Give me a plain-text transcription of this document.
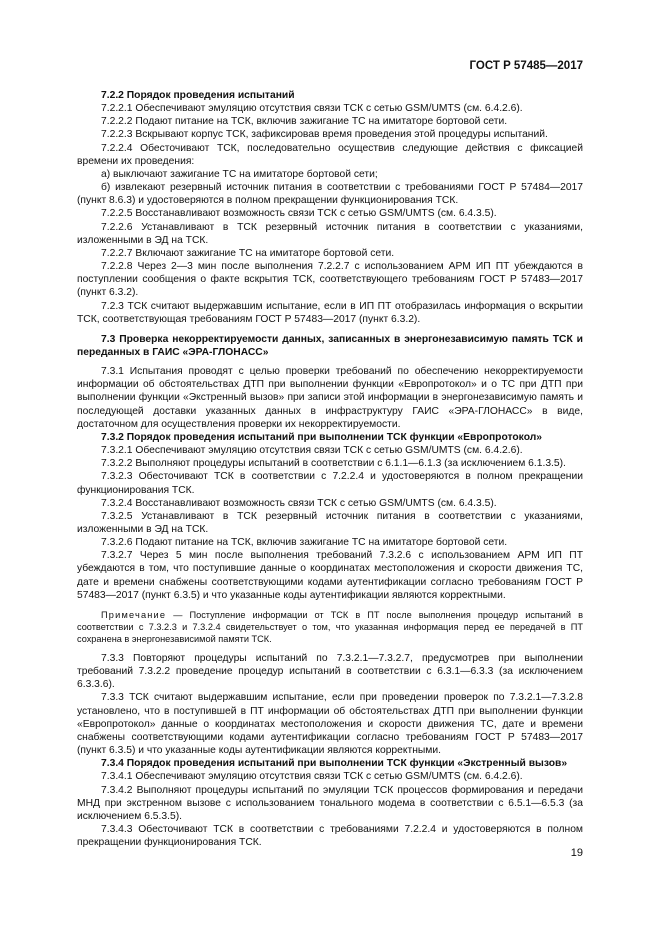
ГОСТ Р 57485—2017

7.2.2 Порядок проведения испытаний

7.2.2.1 Обеспечивают эмуляцию отсутствия связи ТСК с сетью GSM/UMTS (см. 6.4.2.6).

7.2.2.2 Подают питание на ТСК, включив зажигание ТС на имитаторе бортовой сети.

7.2.2.3 Вскрывают корпус ТСК, зафиксировав время проведения этой процедуры испытаний.

7.2.2.4 Обесточивают ТСК, последовательно осуществив следующие действия с фиксацией времени их проведения:

а) выключают зажигание ТС на имитаторе бортовой сети;

б) извлекают резервный источник питания в соответствии с требованиями ГОСТ Р 57484—2017 (пункт 8.6.3) и удостоверяются в полном прекращении функционирования ТСК.

7.2.2.5 Восстанавливают возможность связи ТСК с сетью GSM/UMTS (см. 6.4.3.5).

7.2.2.6 Устанавливают в ТСК резервный источник питания в соответствии с указаниями, изложенными в ЭД на ТСК.

7.2.2.7 Включают зажигание ТС на имитаторе бортовой сети.

7.2.2.8 Через 2—3 мин после выполнения 7.2.2.7 с использованием АРМ ИП ПТ убеждаются в поступлении сообщения о факте вскрытия ТСК, соответствующего требованиям ГОСТ Р 57483—2017 (пункт 6.3.2).

7.2.3 ТСК считают выдержавшим испытание, если в ИП ПТ отобразилась информация о вскрытии ТСК, соответствующая требованиям ГОСТ Р 57483—2017 (пункт 6.3.2).

7.3 Проверка некорректируемости данных, записанных в энергонезависимую память ТСК и переданных в ГАИС «ЭРА-ГЛОНАСС»

7.3.1 Испытания проводят с целью проверки требований по обеспечению некорректируемости информации об обстоятельствах ДТП при выполнении функции «Европротокол» и о ТС при ДТП при выполнении функции «Экстренный вызов» при записи этой информации в энергонезависимую память и последующей доставки указанных данных в инфраструктуру ГАИС «ЭРА-ГЛОНАСС» в виде, достаточном для осуществления проверки их некорректируемости.

7.3.2 Порядок проведения испытаний при выполнении ТСК функции «Европротокол»

7.3.2.1 Обеспечивают эмуляцию отсутствия связи ТСК с сетью GSM/UMTS (см. 6.4.2.6).

7.3.2.2 Выполняют процедуры испытаний в соответствии с 6.1.1—6.1.3 (за исключением 6.1.3.5).

7.3.2.3 Обесточивают ТСК в соответствии с 7.2.2.4 и удостоверяются в полном прекращении функционирования ТСК.

7.3.2.4 Восстанавливают возможность связи ТСК с сетью GSM/UMTS (см. 6.4.3.5).

7.3.2.5 Устанавливают в ТСК резервный источник питания в соответствии с указаниями, изложенными в ЭД на ТСК.

7.3.2.6 Подают питание на ТСК, включив зажигание ТС на имитаторе бортовой сети.

7.3.2.7 Через 5 мин после выполнения требований 7.3.2.6 с использованием АРМ ИП ПТ убеждаются в том, что поступившие данные о координатах местоположения и скорости движения ТС, дате и времени снабжены соответствующими кодами аутентификации согласно требованиям ГОСТ Р 57483—2017 (пункт 6.3.5) и что указанные коды аутентификации являются корректными.

Примечание — Поступление информации от ТСК в ПТ после выполнения процедур испытаний в соответствии с 7.3.2.3 и 7.3.2.4 свидетельствует о том, что указанная информация перед ее передачей в ПТ сохранена в энергонезависимой памяти ТСК.

7.3.3 Повторяют процедуры испытаний по 7.3.2.1—7.3.2.7, предусмотрев при выполнении требований 7.3.2.2 проведение процедур испытаний в соответствии с 6.3.1—6.3.3 (за исключением 6.3.3.6).

7.3.3 ТСК считают выдержавшим испытание, если при проведении проверок по 7.3.2.1—7.3.2.8 установлено, что в поступившей в ПТ информации об обстоятельствах ДТП при выполнении функции «Европротокол» данные о координатах местоположения и скорости движения ТС, дате и времени снабжены соответствующими кодами аутентификации согласно требованиям ГОСТ Р 57483—2017 (пункт 6.3.5) и что указанные коды аутентификации являются корректными.

7.3.4 Порядок проведения испытаний при выполнении ТСК функции «Экстренный вызов»

7.3.4.1 Обеспечивают эмуляцию отсутствия связи ТСК с сетью GSM/UMTS (см. 6.4.2.6).

7.3.4.2 Выполняют процедуры испытаний по эмуляции ТСК процессов формирования и передачи МНД при экстренном вызове с использованием тонального модема в соответствии с 6.5.1—6.5.3 (за исключением 6.5.3.5).

7.3.4.3 Обесточивают ТСК в соответствии с требованиями 7.2.2.4 и удостоверяются в полном прекращении функционирования ТСК.

19
